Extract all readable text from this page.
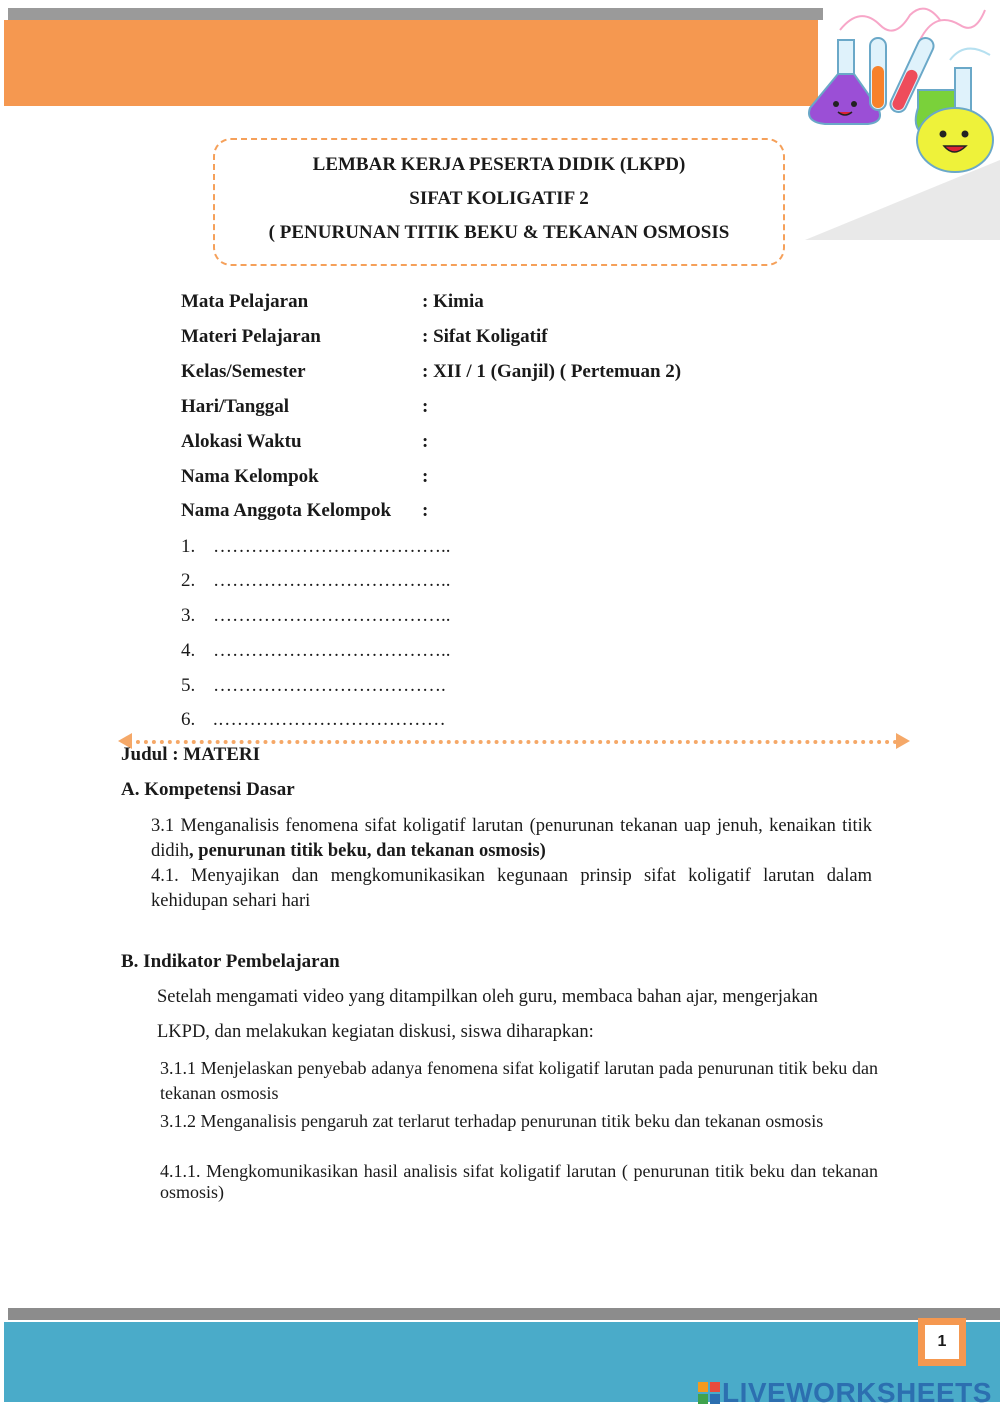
LEMBAR KERJA PESERTA DIDIK (LKPD)
SIFAT KOLIGATIF 2
( PENURUNAN TITIK BEKU & TEKANAN OSMOSIS
Mata Pelajaran	: Kimia
Materi Pelajaran	: Sifat Koligatif
Kelas/Semester	: XII / 1 (Ganjil) ( Pertemuan 2)
Hari/Tanggal	:
Alokasi Waktu	:
Nama Kelompok	:
Nama Anggota Kelompok :
1. ………………………………..
2. ………………………………..
3. ………………………………..
4. ………………………………..
5. ……………………………….
6. .………………………………
Judul : MATERI
A. Kompetensi Dasar
3.1 Menganalisis fenomena sifat koligatif larutan (penurunan tekanan uap jenuh, kenaikan titik didih, penurunan titik beku, dan tekanan osmosis)
4.1. Menyajikan dan mengkomunikasikan kegunaan prinsip sifat koligatif larutan dalam kehidupan sehari hari
B. Indikator Pembelajaran
Setelah mengamati video yang ditampilkan oleh guru, membaca bahan ajar, mengerjakan
LKPD, dan melakukan kegiatan diskusi, siswa diharapkan:
3.1.1 Menjelaskan penyebab adanya fenomena sifat koligatif larutan pada penurunan titik beku dan tekanan osmosis
3.1.2 Menganalisis pengaruh zat terlarut terhadap penurunan titik beku dan tekanan osmosis
4.1.1. Mengkomunikasikan hasil analisis sifat koligatif larutan ( penurunan titik beku dan tekanan osmosis)
1
LIVEWORKSHEETS
